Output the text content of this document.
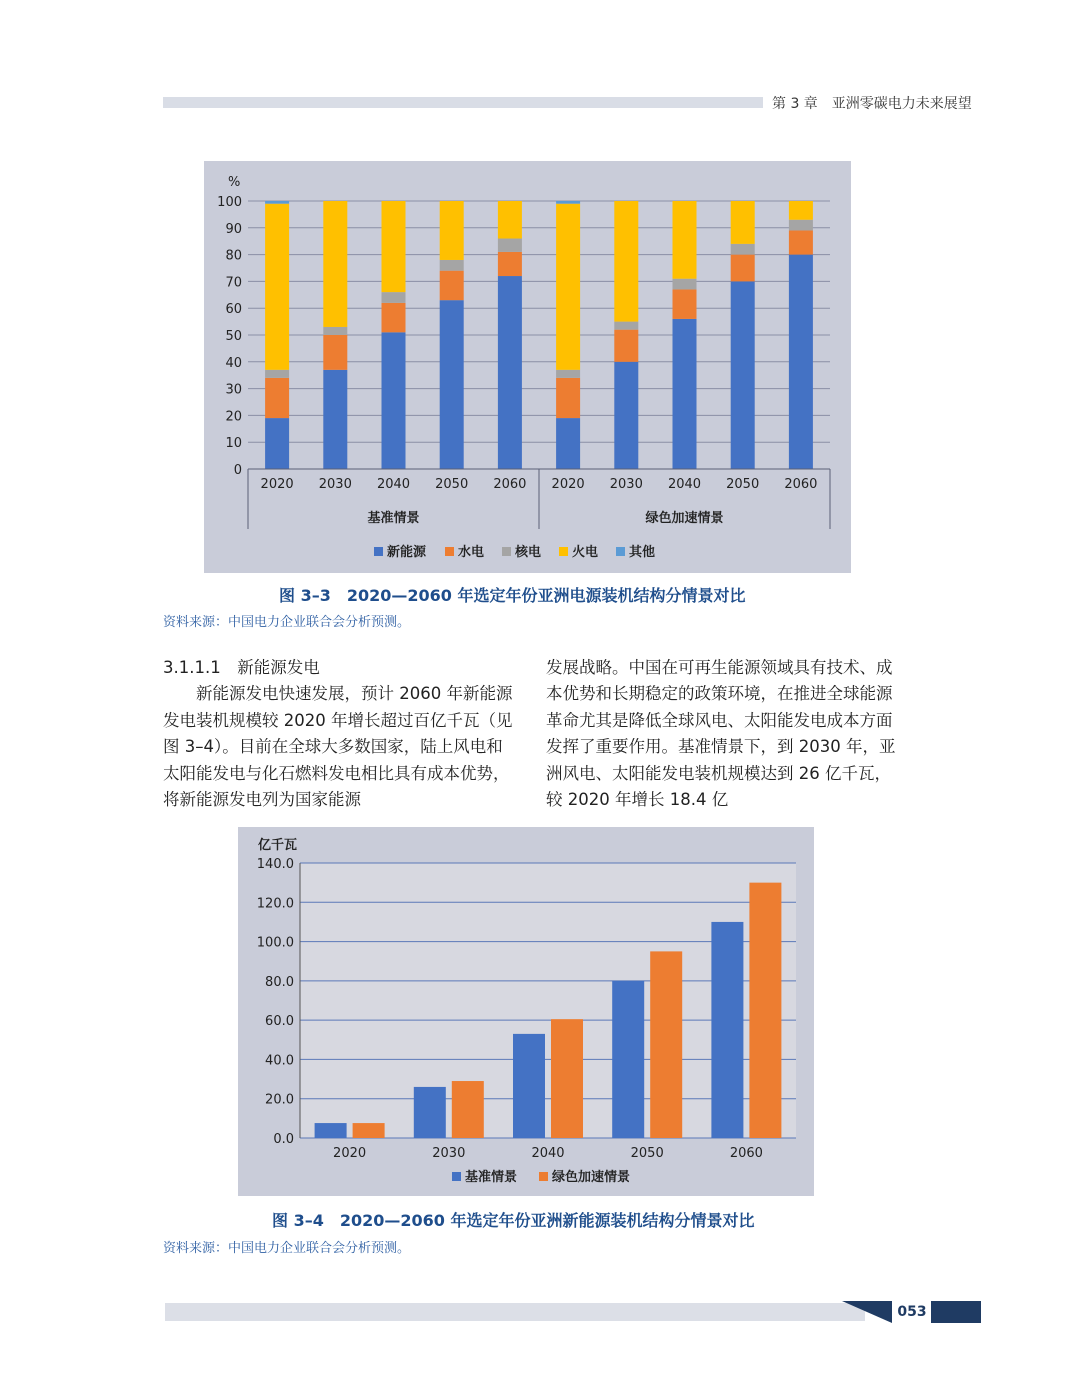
第 3 章　亚洲零碳电力未来展望
%
0
10
20
30
40
50
60
70
80
90
100
2020 2030 2040 2050 2060 2020 2030 2040 2050 2060
基准情景	绿色加速情景
新能源 水电 核电 火电 其他
图 3–3　2020—2060 年选定年份亚洲电源装机结构分情景对比
资料来源：中国电力企业联合会分析预测。

3.1.1.1　新能源发电

新能源发电快速发展，预计 2060 年新能源发电装机规模较 2020 年增长超过百亿千瓦（见图 3–4）。目前在全球大多数国家，陆上风电和太阳能发电与化石燃料发电相比具有成本优势，将新能源发电列为国家能源

发展战略。中国在可再生能源领域具有技术、成本优势和长期稳定的政策环境，在推进全球能源革命尤其是降低全球风电、太阳能发电成本方面发挥了重要作用。基准情景下，到 2030 年，亚洲风电、太阳能发电装机规模达到 26 亿千瓦，较 2020 年增长 18.4 亿

亿千瓦
0.0
20.0
40.0
60.0
80.0
100.0
120.0
140.0
2020	2030	2040	2050	2060
基准情景	绿色加速情景
图 3–4　2020—2060 年选定年份亚洲新能源装机结构分情景对比
资料来源：中国电力企业联合会分析预测。
053
